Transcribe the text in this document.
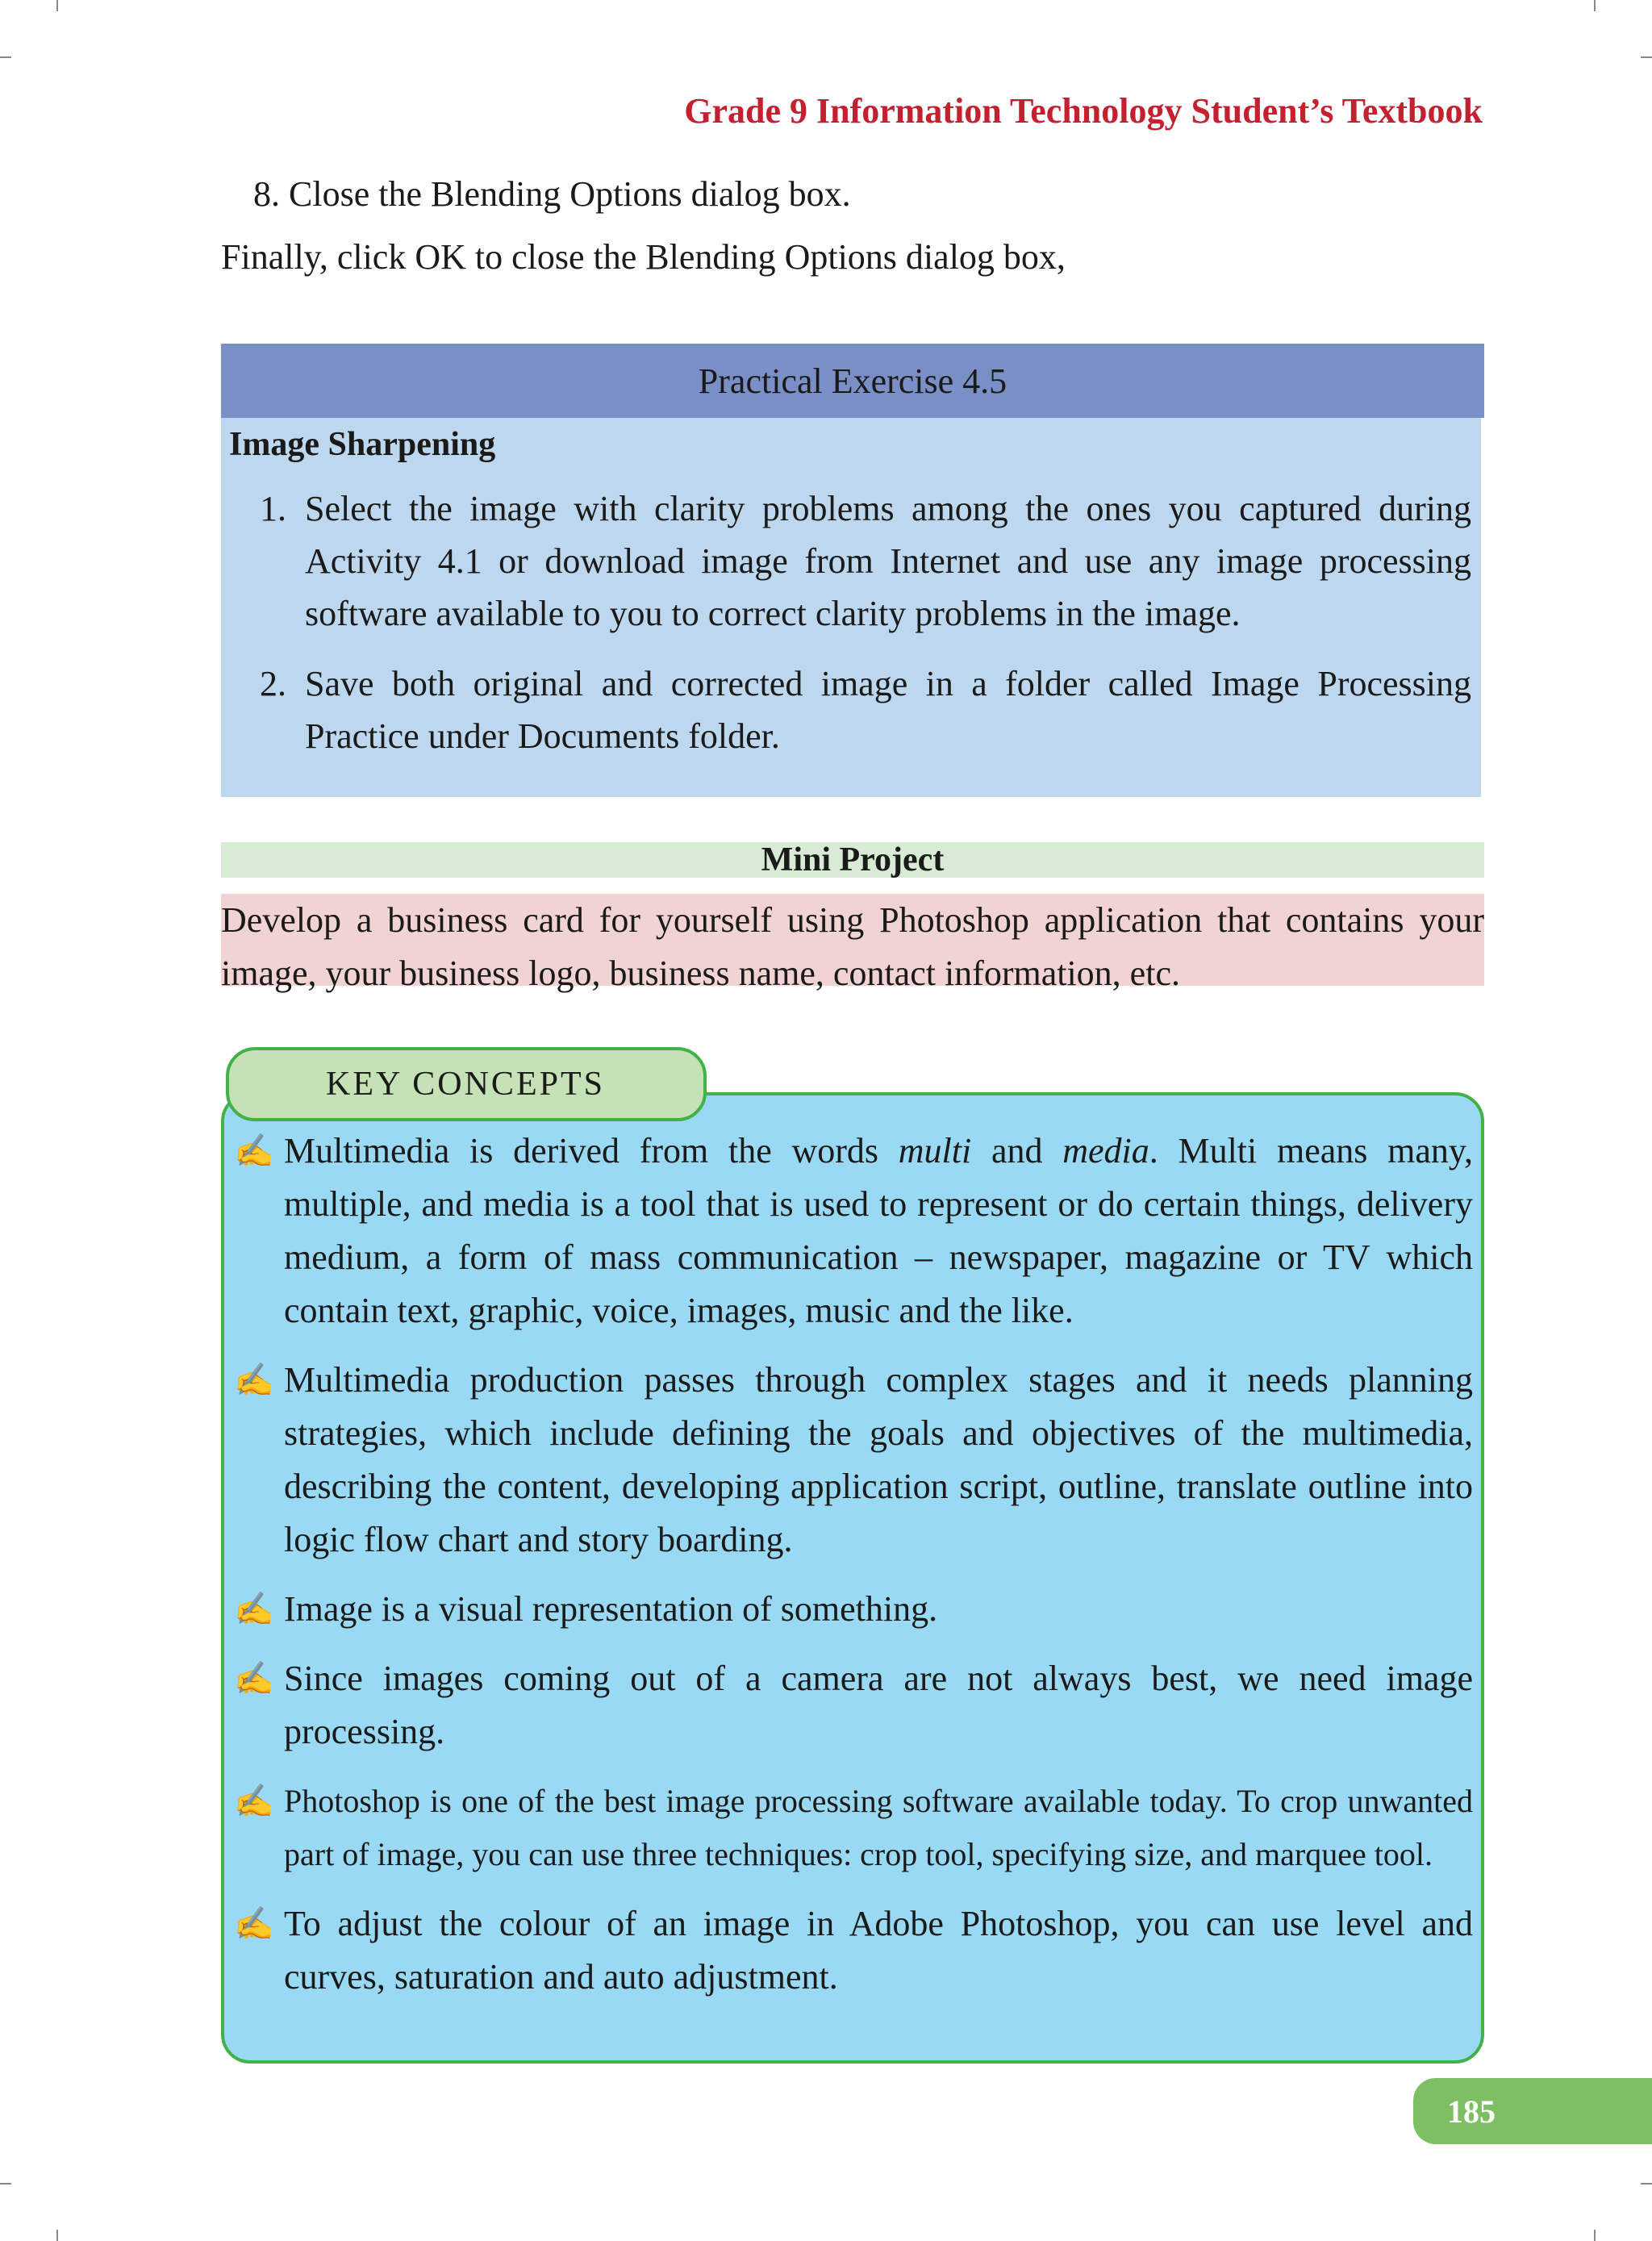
Grade 9 Information Technology Student’s Textbook
8. Close the Blending Options dialog box.
Finally, click OK to close the Blending Options dialog box,
Practical Exercise 4.5
Image Sharpening
1. Select the image with clarity problems among the ones you captured during Activity 4.1 or download image from Internet and use any image processing software available to you to correct clarity problems in the image.
2. Save both original and corrected image in a folder called Image Processing Practice under Documents folder.
Mini Project
Develop a business card for yourself using Photoshop application that contains your image, your business logo, business name, contact information, etc.
KEY CONCEPTS
✍ Multimedia is derived from the words multi and media. Multi means many, multiple, and media is a tool that is used to represent or do certain things, delivery medium, a form of mass communication – newspaper, magazine or TV which contain text, graphic, voice, images, music and the like.
✍ Multimedia production passes through complex stages and it needs planning strategies, which include defining the goals and objectives of the multimedia, describing the content, developing application script, outline, translate outline into logic flow chart and story boarding.
✍ Image is a visual representation of something.
✍ Since images coming out of a camera are not always best, we need image processing.
✍ Photoshop is one of the best image processing software available today. To crop unwanted part of image, you can use three techniques: crop tool, specifying size, and marquee tool.
✍ To adjust the colour of an image in Adobe Photoshop, you can use level and curves, saturation and auto adjustment.
185
